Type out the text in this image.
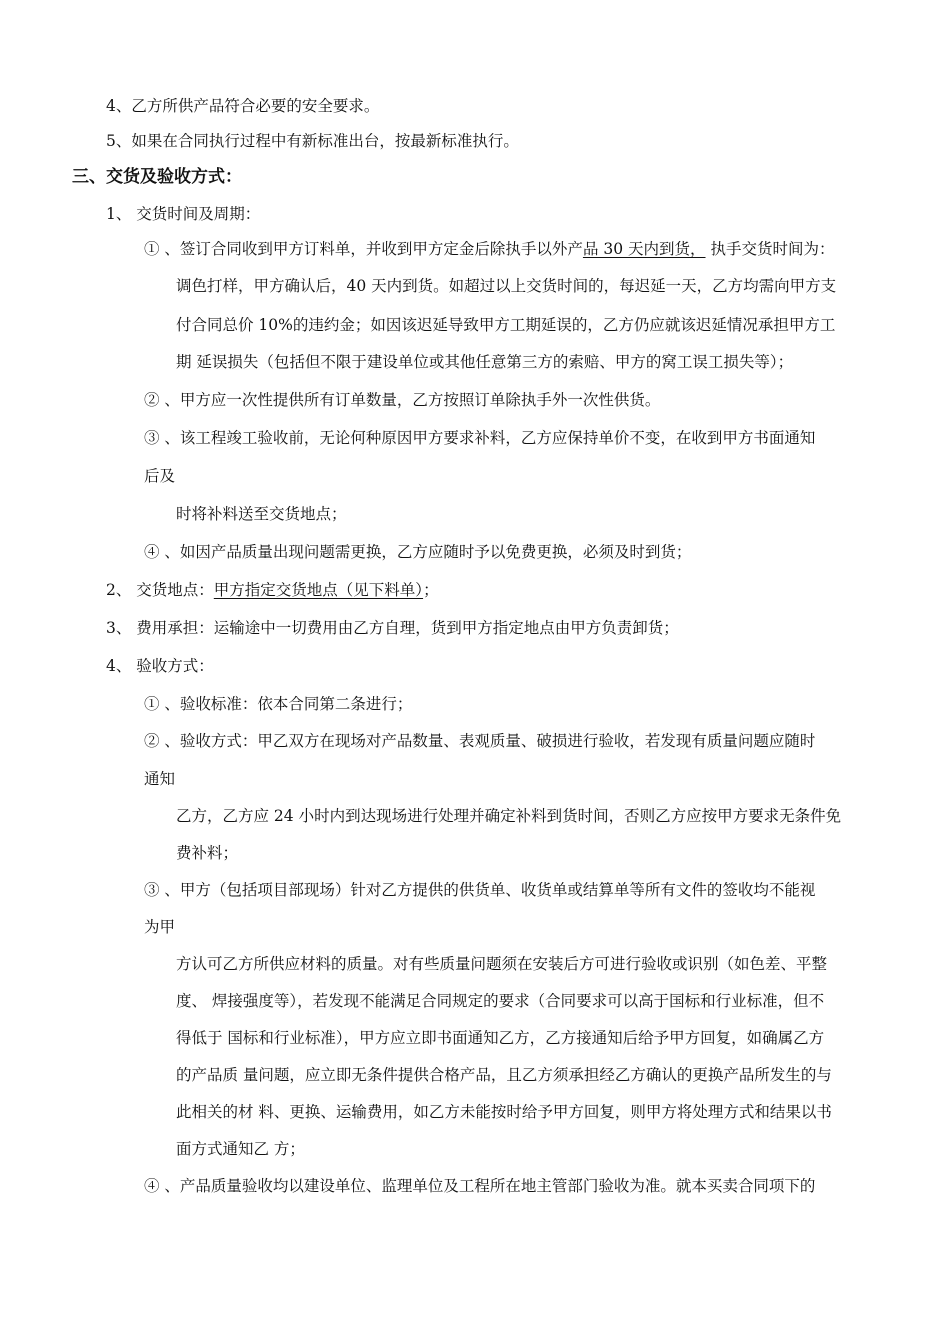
4、乙方所供产品符合必要的安全要求。
5、如果在合同执行过程中有新标准出台，按最新标准执行。
三、交货及验收方式：
1、 交货时间及周期：
① 、签订合同收到甲方订料单，并收到甲方定金后除执手以外产品 30 天内到货， 执手交货时间为：
调色打样，甲方确认后，40 天内到货。如超过以上交货时间的，每迟延一天，乙方均需向甲方支
付合同总价 10%的违约金；如因该迟延导致甲方工期延误的，乙方仍应就该迟延情况承担甲方工
期 延误损失（包括但不限于建设单位或其他任意第三方的索赔、甲方的窝工误工损失等）；
② 、甲方应一次性提供所有订单数量，乙方按照订单除执手外一次性供货。
③ 、该工程竣工验收前，无论何种原因甲方要求补料，乙方应保持单价不变，在收到甲方书面通知
后及
时将补料送至交货地点；
④ 、如因产品质量出现问题需更换，乙方应随时予以免费更换，必须及时到货；
2、 交货地点：甲方指定交货地点（见下料单）；
3、 费用承担：运输途中一切费用由乙方自理，货到甲方指定地点由甲方负责卸货；
4、 验收方式：
① 、验收标准：依本合同第二条进行；
② 、验收方式：甲乙双方在现场对产品数量、表观质量、破损进行验收，若发现有质量问题应随时
通知
乙方，乙方应 24 小时内到达现场进行处理并确定补料到货时间，否则乙方应按甲方要求无条件免
费补料；
③ 、甲方（包括项目部现场）针对乙方提供的供货单、收货单或结算单等所有文件的签收均不能视
为甲
方认可乙方所供应材料的质量。对有些质量问题须在安装后方可进行验收或识别（如色差、平整
度、 焊接强度等），若发现不能满足合同规定的要求（合同要求可以高于国标和行业标准，但不
得低于 国标和行业标准），甲方应立即书面通知乙方，乙方接通知后给予甲方回复，如确属乙方
的产品质 量问题，应立即无条件提供合格产品，且乙方须承担经乙方确认的更换产品所发生的与
此相关的材 料、更换、运输费用，如乙方未能按时给予甲方回复，则甲方将处理方式和结果以书
面方式通知乙 方；
④ 、产品质量验收均以建设单位、监理单位及工程所在地主管部门验收为准。就本买卖合同项下的
